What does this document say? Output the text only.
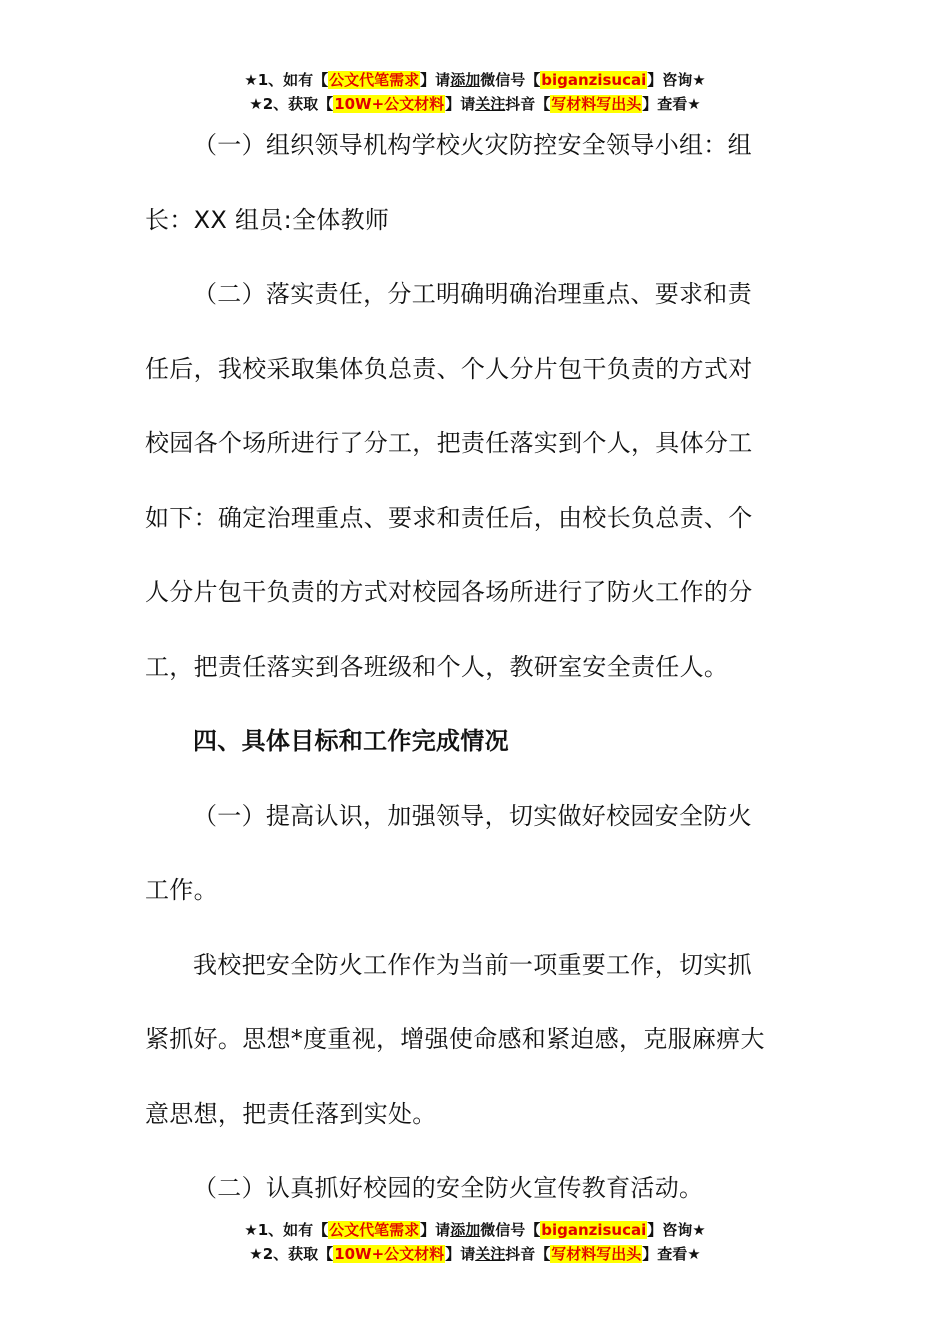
★1、如有【公文代笔需求】请添加微信号【biganzisucai】咨询★
★2、获取【10W+公文材料】请关注抖音【写材料写出头】查看★
（一）组织领导机构学校火灾防控安全领导小组：组
长：XX 组员:全体教师
（二）落实责任，分工明确明确治理重点、要求和责
任后，我校采取集体负总责、个人分片包干负责的方式对
校园各个场所进行了分工，把责任落实到个人，具体分工
如下：确定治理重点、要求和责任后，由校长负总责、个
人分片包干负责的方式对校园各场所进行了防火工作的分
工，把责任落实到各班级和个人，教研室安全责任人。
四、具体目标和工作完成情况
（一）提高认识，加强领导，切实做好校园安全防火
工作。
我校把安全防火工作作为当前一项重要工作，切实抓
紧抓好。思想*度重视，增强使命感和紧迫感，克服麻痹大
意思想，把责任落到实处。
（二）认真抓好校园的安全防火宣传教育活动。
★1、如有【公文代笔需求】请添加微信号【biganzisucai】咨询★
★2、获取【10W+公文材料】请关注抖音【写材料写出头】查看★
